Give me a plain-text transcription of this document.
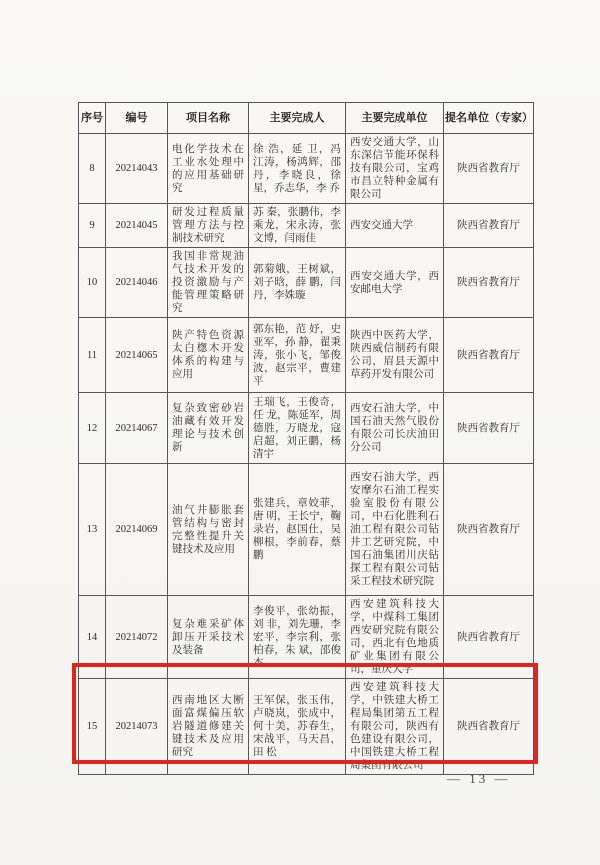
序号	编号	项目名称	主要完成人	主要完成单位	提名单位（专家）
8	20214043	电化学技术在工业水处理中的应用基础研究	徐 浩，延 卫，冯江涛，杨鸿辉，邵 丹，李晓良，徐 星，乔志华，李 乔	西安交通大学，山东深信节能环保科技有限公司，宝鸡市昌立特种金属有限公司	陕西省教育厅
9	20214045	研发过程质量管理方法与控制技术研究	苏 秦，张鹏伟，李乘龙，宋永涛，张文博，闫雨佳	西安交通大学	陕西省教育厅
10	20214046	我国非常规油气技术开发的投资激励与产能管理策略研究	郭菊娥，王树斌，刘子晗，薛 鹏，闫 丹，李姝璇	西安交通大学，西安邮电大学	陕西省教育厅
11	20214065	陕产特色资源太白楤木开发体系的构建与应用	郭东艳，范 妤，史亚军，孙 静，翟秉涛，张小飞，邹俊波，赵宗平，曹建平	陕西中医药大学，陕西威信制药有限公司，眉县天源中草药开发有限公司	陕西省教育厅
12	20214067	复杂致密砂岩油藏有效开发理论与技术创新	王瑞飞，王俊奇，任 龙，陈延军，周德胜，万晓龙，寇启超，刘正鹏，杨清宇	西安石油大学，中国石油天然气股份有限公司长庆油田分公司	陕西省教育厅
13	20214069	油气井膨胀套管结构与密封完整性提升关键技术及应用	张建兵，章姣菲，唐 明，王长宁，鞠录岩，赵国仕，吴柳根，李前春，蔡 鹏	西安石油大学，西安摩尔石油工程实验室股份有限公司，中石化胜利石油工程有限公司钻井工艺研究院，中国石油集团川庆钻探工程有限公司钻采工程技术研究院	陕西省教育厅
14	20214072	复杂难采矿体卸压开采技术及装备	李俊平，张幼振，刘 非，刘先珊，李宏平，李宗利，张柏春，朱 斌，邵俊杰	西安建筑科技大学，中煤科工集团西安研究院有限公司，西北有色地质矿业集团有限公司，重庆大学	陕西省教育厅
15	20214073	西南地区大断面富煤偏压软岩隧道修建关键技术及应用研究	王军保，张玉伟，卢晓岚，张成中，何十美，苏春生，宋战平，马天昌，田 松	西安建筑科技大学，中铁建大桥工程局集团第五工程有限公司，陕西有色建设有限公司，中国铁建大桥工程局集团有限公司	陕西省教育厅
— 13 —
